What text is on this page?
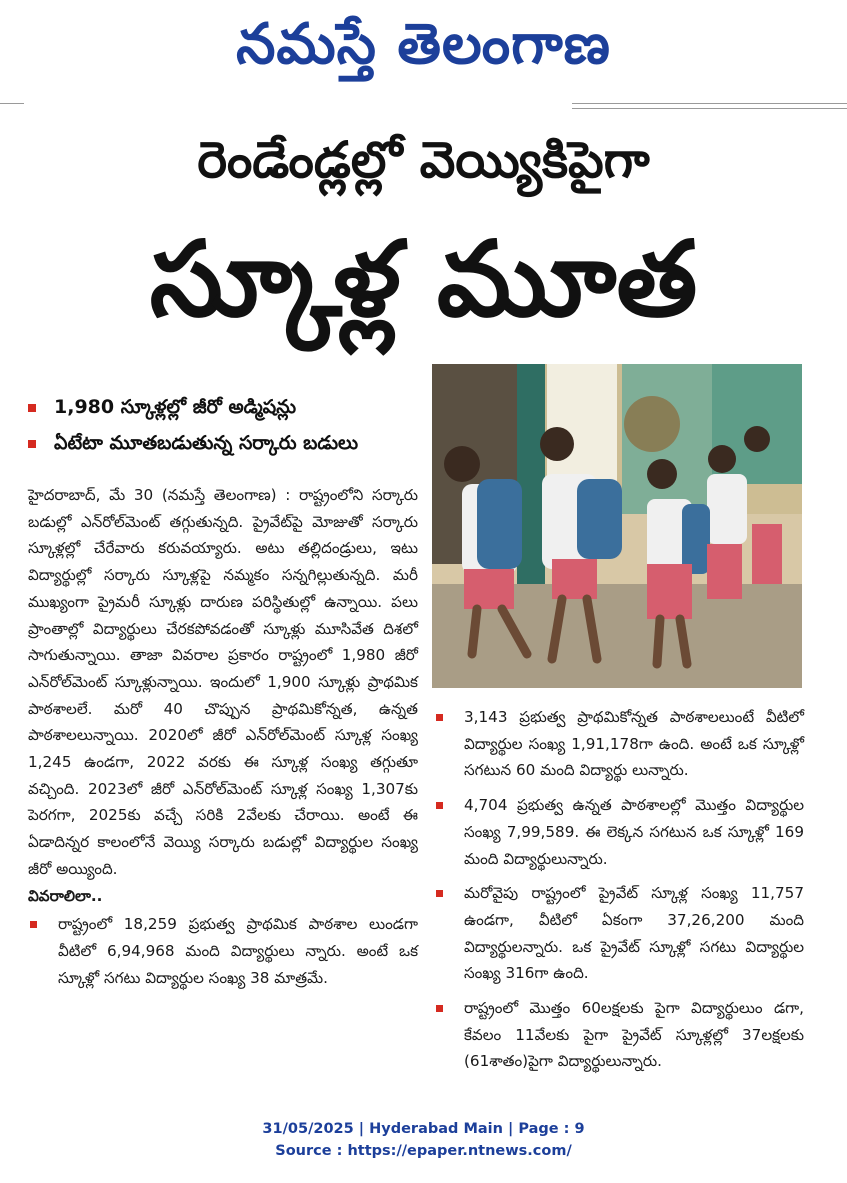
నమస్తే తెలంగాణ
రెండేండ్లల్లో వెయ్యికిపైగా
స్కూళ్ల మూత
1,980 స్కూళ్లల్లో జీరో అడ్మిషన్లు
ఏటేటా మూతబడుతున్న సర్కారు బడులు

హైదరాబాద్, మే 30 (నమస్తే తెలంగాణ) : రాష్ట్రంలోని సర్కారు బడుల్లో ఎన్‌రోల్‌మెంట్ తగ్గుతున్నది. ప్రైవేట్‌పై మోజుతో సర్కారు స్కూళ్లల్లో చేరేవారు కరువయ్యారు. అటు తల్లిదండ్రులు, ఇటు విద్యార్థుల్లో సర్కారు స్కూళ్లపై నమ్మకం సన్నగిల్లుతున్నది. మరీ ముఖ్యంగా ప్రైమరీ స్కూళ్లు దారుణ పరిస్థితుల్లో ఉన్నాయి. పలు ప్రాంతాల్లో విద్యార్థులు చేరకపోవడంతో స్కూళ్లు మూసివేత దిశలో సాగుతున్నాయి. తాజా వివరాల ప్రకారం రాష్ట్రంలో 1,980 జీరో ఎన్‌రోల్‌మెంట్ స్కూళ్లున్నాయి. ఇందులో 1,900 స్కూళ్లు ప్రాథమిక పాఠశాలలే. మరో 40 చొప్పున ప్రాథమికోన్నత, ఉన్నత పాఠశాలలున్నాయి. 2020లో జీరో ఎన్‌రోల్‌మెంట్ స్కూళ్ల సంఖ్య 1,245 ఉండగా, 2022 వరకు ఈ స్కూళ్ల సంఖ్య తగ్గుతూ వచ్చింది. 2023లో జీరో ఎన్‌రోల్‌మెంట్ స్కూళ్ల సంఖ్య 1,307కు పెరగగా, 2025కు వచ్చే సరికి 2వేలకు చేరాయి. అంటే ఈ ఏడాదిన్నర కాలంలోనే వెయ్యి సర్కారు బడుల్లో విద్యార్థుల సంఖ్య జీరో అయ్యింది.

వివరాలిలా..

రాష్ట్రంలో 18,259 ప్రభుత్వ ప్రాథమిక పాఠశాల లుండగా వీటిలో 6,94,968 మంది విద్యార్థులు న్నారు. అంటే ఒక స్కూళ్లో సగటు విద్యార్థుల సంఖ్య 38 మాత్రమే.
3,143 ప్రభుత్వ ప్రాథమికోన్నత పాఠశాలలుంటే వీటిలో విద్యార్థుల సంఖ్య 1,91,178గా ఉంది. అంటే ఒక స్కూళ్లో సగటున 60 మంది విద్యార్థు లున్నారు.
4,704 ప్రభుత్వ ఉన్నత పాఠశాలల్లో మొత్తం విద్యార్థుల సంఖ్య 7,99,589. ఈ లెక్కన సగటున ఒక స్కూళ్లో 169 మంది విద్యార్థులున్నారు.
మరోవైపు రాష్ట్రంలో ప్రైవేట్ స్కూళ్ల సంఖ్య 11,757 ఉండగా, వీటిలో ఏకంగా 37,26,200 మంది విద్యార్థులన్నారు. ఒక ప్రైవేట్ స్కూళ్లో సగటు విద్యార్థుల సంఖ్య 316గా ఉంది.
రాష్ట్రంలో మొత్తం 60లక్షలకు పైగా విద్యార్థులుం డగా, కేవలం 11వేలకు పైగా ప్రైవేట్ స్కూళ్లల్లో 37లక్షలకు (61శాతం)పైగా విద్యార్థులున్నారు.
31/05/2025 | Hyderabad Main | Page : 9
Source : https://epaper.ntnews.com/
